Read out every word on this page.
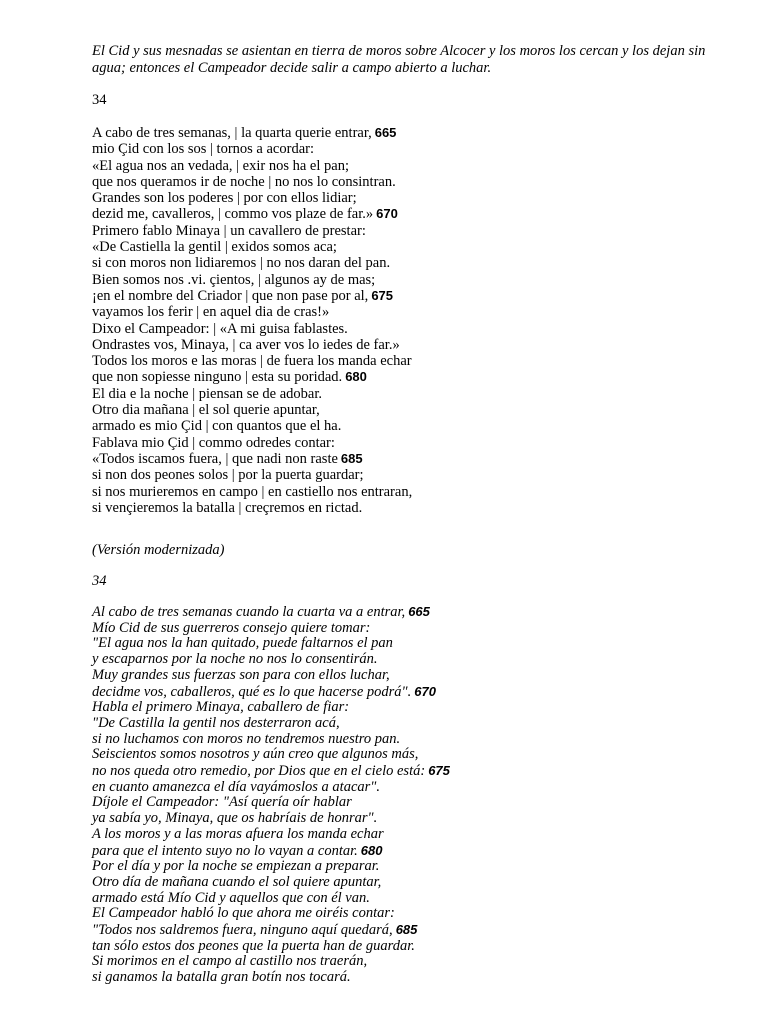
El Cid y sus mesnadas se asientan en tierra de moros sobre Alcocer y los moros los cercan y los dejan sin agua; entonces el Campeador decide salir a campo abierto a luchar.

34

A cabo de tres semanas, | la quarta querie entrar, 665
mio Çid con los sos | tornos a acordar:
«El agua nos an vedada, | exir nos ha el pan;
que nos queramos ir de noche | no nos lo consintran.
Grandes son los poderes | por con ellos lidiar;
dezid me, cavalleros, | commo vos plaze de far.» 670
Primero fablo Minaya | un cavallero de prestar:
«De Castiella la gentil | exidos somos aca;
si con moros non lidiaremos | no nos daran del pan.
Bien somos nos .vi. çientos, | algunos ay de mas;
¡en el nombre del Criador | que non pase por al, 675
vayamos los ferir | en aquel dia de cras!»
Dixo el Campeador: | «A mi guisa fablastes.
Ondrastes vos, Minaya, | ca aver vos lo iedes de far.»
Todos los moros e las moras | de fuera los manda echar
que non sopiesse ninguno | esta su poridad. 680
El dia e la noche | piensan se de adobar.
Otro dia mañana | el sol querie apuntar,
armado es mio Çid | con quantos que el ha.
Fablava mio Çid | commo odredes contar:
«Todos iscamos fuera, | que nadi non raste 685
si non dos peones solos | por la puerta guardar;
si nos murieremos en campo | en castiello nos entraran,
si vençieremos la batalla | creçremos en rictad.

(Versión modernizada)

34

Al cabo de tres semanas cuando la cuarta va a entrar, 665
Mío Cid de sus guerreros consejo quiere tomar:
"El agua nos la han quitado, puede faltarnos el pan
y escaparnos por la noche no nos lo consentirán.
Muy grandes sus fuerzas son para con ellos luchar,
decidme vos, caballeros, qué es lo que hacerse podrá". 670
Habla el primero Minaya, caballero de fiar:
"De Castilla la gentil nos desterraron acá,
si no luchamos con moros no tendremos nuestro pan.
Seiscientos somos nosotros y aún creo que algunos más,
no nos queda otro remedio, por Dios que en el cielo está: 675
en cuanto amanezca el día vayámoslos a atacar".
Díjole el Campeador: "Así quería oír hablar
ya sabía yo, Minaya, que os habríais de honrar".
A los moros y a las moras afuera los manda echar
para que el intento suyo no lo vayan a contar. 680
Por el día y por la noche se empiezan a preparar.
Otro día de mañana cuando el sol quiere apuntar,
armado está Mío Cid y aquellos que con él van.
El Campeador habló lo que ahora me oiréis contar:
"Todos nos saldremos fuera, ninguno aquí quedará, 685
tan sólo estos dos peones que la puerta han de guardar.
Si morimos en el campo al castillo nos traerán,
si ganamos la batalla gran botín nos tocará.
